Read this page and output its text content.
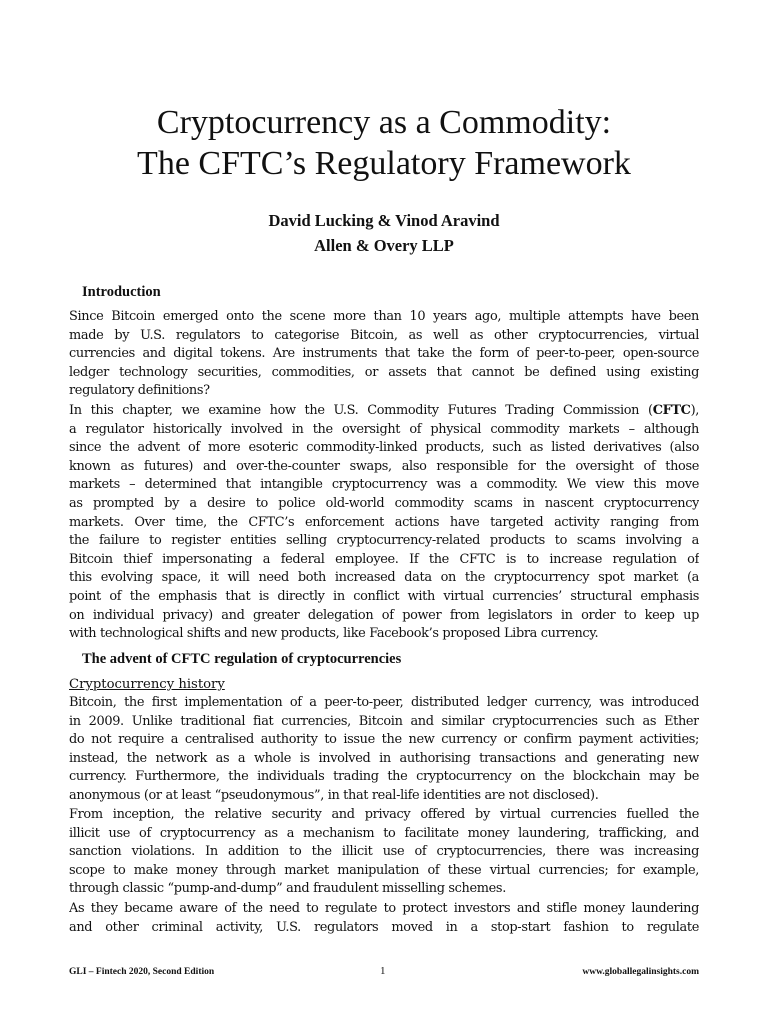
Cryptocurrency as a Commodity:
The CFTC’s Regulatory Framework
David Lucking & Vinod Aravind
Allen & Overy LLP
Introduction
Since Bitcoin emerged onto the scene more than 10 years ago, multiple attempts have been
made by U.S. regulators to categorise Bitcoin, as well as other cryptocurrencies, virtual
currencies and digital tokens. Are instruments that take the form of peer-to-peer, open-source
ledger technology securities, commodities, or assets that cannot be defined using existing
regulatory definitions?
In this chapter, we examine how the U.S. Commodity Futures Trading Commission (CFTC),
a regulator historically involved in the oversight of physical commodity markets – although
since the advent of more esoteric commodity-linked products, such as listed derivatives (also
known as futures) and over-the-counter swaps, also responsible for the oversight of those
markets – determined that intangible cryptocurrency was a commodity. We view this move
as prompted by a desire to police old-world commodity scams in nascent cryptocurrency
markets. Over time, the CFTC’s enforcement actions have targeted activity ranging from
the failure to register entities selling cryptocurrency-related products to scams involving a
Bitcoin thief impersonating a federal employee. If the CFTC is to increase regulation of
this evolving space, it will need both increased data on the cryptocurrency spot market (a
point of the emphasis that is directly in conflict with virtual currencies’ structural emphasis
on individual privacy) and greater delegation of power from legislators in order to keep up
with technological shifts and new products, like Facebook’s proposed Libra currency.
The advent of CFTC regulation of cryptocurrencies
Cryptocurrency history
Bitcoin, the first implementation of a peer-to-peer, distributed ledger currency, was introduced
in 2009. Unlike traditional fiat currencies, Bitcoin and similar cryptocurrencies such as Ether
do not require a centralised authority to issue the new currency or confirm payment activities;
instead, the network as a whole is involved in authorising transactions and generating new
currency. Furthermore, the individuals trading the cryptocurrency on the blockchain may be
anonymous (or at least “pseudonymous”, in that real-life identities are not disclosed).
From inception, the relative security and privacy offered by virtual currencies fuelled the
illicit use of cryptocurrency as a mechanism to facilitate money laundering, trafficking, and
sanction violations. In addition to the illicit use of cryptocurrencies, there was increasing
scope to make money through market manipulation of these virtual currencies; for example,
through classic “pump-and-dump” and fraudulent misselling schemes.
As they became aware of the need to regulate to protect investors and stifle money laundering
and other criminal activity, U.S. regulators moved in a stop-start fashion to regulate
GLI – Fintech 2020, Second Edition	1	www.globallegalinsights.com
